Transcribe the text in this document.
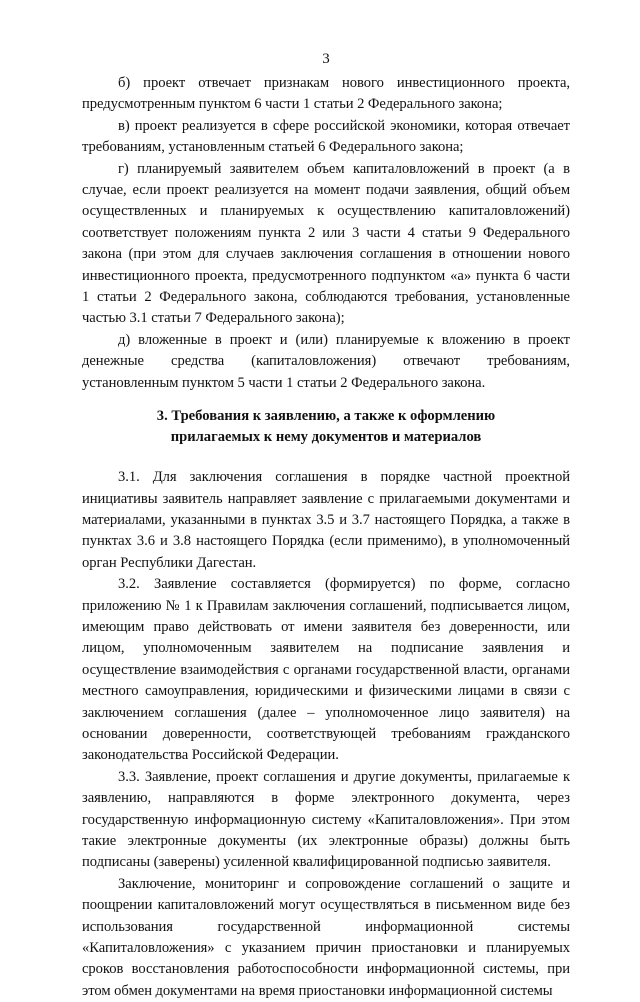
3

б) проект отвечает признакам нового инвестиционного проекта, предусмотренным пунктом 6 части 1 статьи 2 Федерального закона;

в) проект реализуется в сфере российской экономики, которая отвечает требованиям, установленным статьей 6 Федерального закона;

г) планируемый заявителем объем капиталовложений в проект (а в случае, если проект реализуется на момент подачи заявления, общий объем осуществленных и планируемых к осуществлению капиталовложений) соответствует положениям пункта 2 или 3 части 4 статьи 9 Федерального закона (при этом для случаев заключения соглашения в отношении нового инвестиционного проекта, предусмотренного подпунктом «а» пункта 6 части 1 статьи 2 Федерального закона, соблюдаются требования, установленные частью 3.1 статьи 7 Федерального закона);

д) вложенные в проект и (или) планируемые к вложению в проект денежные средства (капиталовложения) отвечают требованиям, установленным пунктом 5 части 1 статьи 2 Федерального закона.

3. Требования к заявлению, а также к оформлению
прилагаемых к нему документов и материалов

3.1. Для заключения соглашения в порядке частной проектной инициативы заявитель направляет заявление с прилагаемыми документами и материалами, указанными в пунктах 3.5 и 3.7 настоящего Порядка, а также в пунктах 3.6 и 3.8 настоящего Порядка (если применимо), в уполномоченный орган Республики Дагестан.

3.2. Заявление составляется (формируется) по форме, согласно приложению № 1 к Правилам заключения соглашений, подписывается лицом, имеющим право действовать от имени заявителя без доверенности, или лицом, уполномоченным заявителем на подписание заявления и осуществление взаимодействия с органами государственной власти, органами местного самоуправления, юридическими и физическими лицами в связи с заключением соглашения (далее – уполномоченное лицо заявителя) на основании доверенности, соответствующей требованиям гражданского законодательства Российской Федерации.

3.3. Заявление, проект соглашения и другие документы, прилагаемые к заявлению, направляются в форме электронного документа, через государственную информационную систему «Капиталовложения». При этом такие электронные документы (их электронные образы) должны быть подписаны (заверены) усиленной квалифицированной подписью заявителя.

Заключение, мониторинг и сопровождение соглашений о защите и поощрении капиталовложений могут осуществляться в письменном виде без использования государственной информационной системы «Капиталовложения» с указанием причин приостановки и планируемых сроков восстановления работоспособности информационной системы, при этом обмен документами на время приостановки информационной системы
